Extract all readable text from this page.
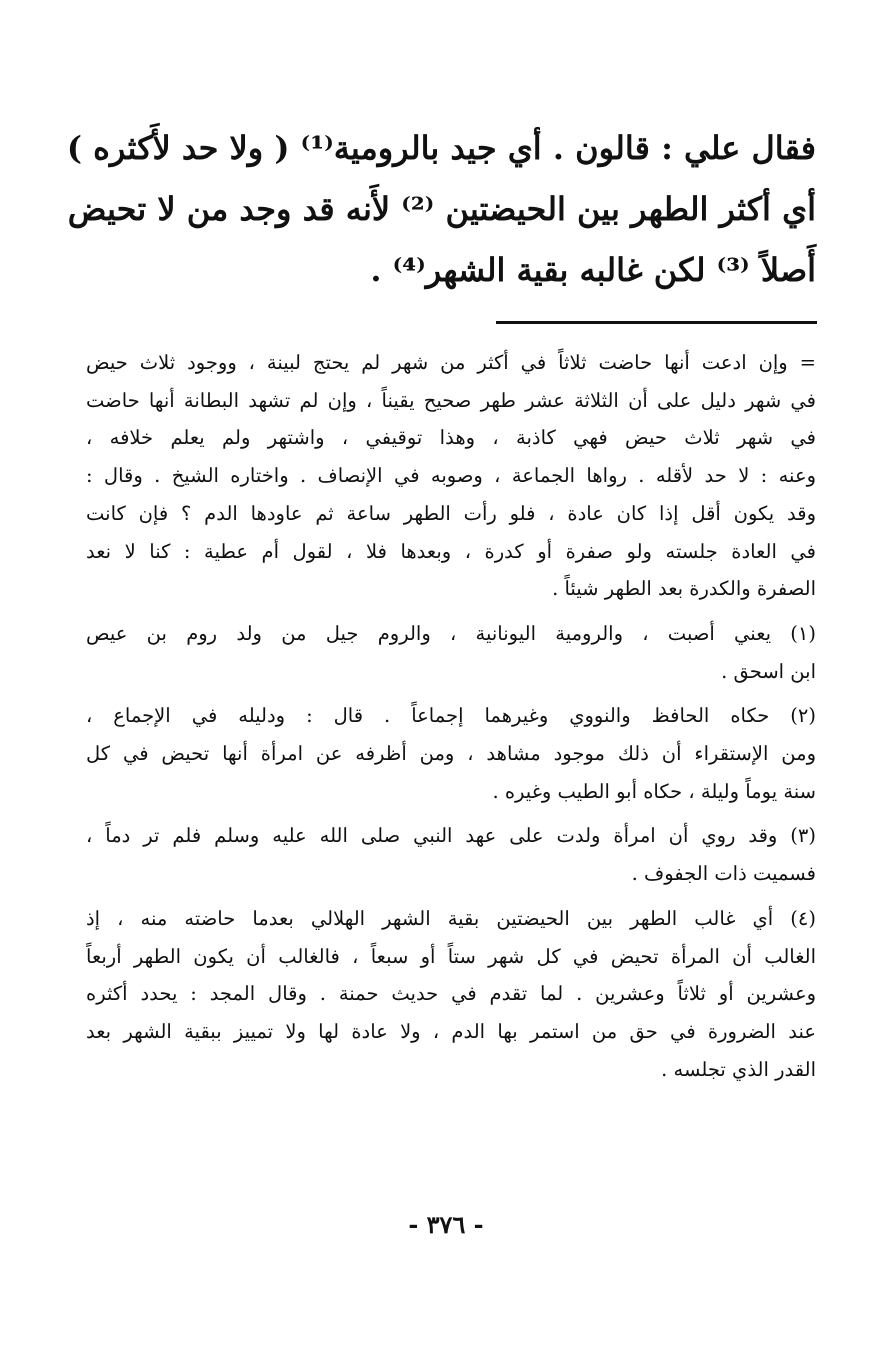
فقال علي : قالون . أي جيد بالرومية⁽¹⁾ ( ولا حد لأَكثره )
أي أكثر الطهر بين الحيضتين ⁽²⁾ لأَنه قد وجد من لا تحيض
أَصلاً ⁽³⁾ لكن غالبه بقية الشهر⁽⁴⁾ .
= وإن ادعت أنها حاضت ثلاثاً في أكثر من شهر لم يحتج لبينة ، ووجود ثلاث حيض
في شهر دليل على أن الثلاثة عشر طهر صحيح يقيناً ، وإن لم تشهد البطانة أنها حاضت
في شهر ثلاث حيض فهي كاذبة ، وهذا توقيفي ، واشتهر ولم يعلم خلافه ،
وعنه : لا حد لأقله . رواها الجماعة ، وصوبه في الإنصاف . واختاره الشيخ . وقال :
وقد يكون أقل إذا كان عادة ، فلو رأت الطهر ساعة ثم عاودها الدم ؟ فإن كانت
في العادة جلسته ولو صفرة أو كدرة ، وبعدها فلا ، لقول أم عطية : كنا لا نعد
الصفرة والكدرة بعد الطهر شيئاً .
(١) يعني أصبت ، والرومية اليونانية ، والروم جيل من ولد روم بن عيص
ابن اسحق .
(٢) حكاه الحافظ والنووي وغيرهما إجماعاً . قال : ودليله في الإجماع ،
ومن الإستقراء أن ذلك موجود مشاهد ، ومن أظرفه عن امرأة أنها تحيض في كل
سنة يوماً وليلة ، حكاه أبو الطيب وغيره .
(٣) وقد روي أن امرأة ولدت على عهد النبي صلى الله عليه وسلم فلم تر دماً ،
فسميت ذات الجفوف .
(٤) أي غالب الطهر بين الحيضتين بقية الشهر الهلالي بعدما حاضته منه ، إذ
الغالب أن المرأة تحيض في كل شهر ستاً أو سبعاً ، فالغالب أن يكون الطهر أربعاً
وعشرين أو ثلاثاً وعشرين . لما تقدم في حديث حمنة . وقال المجد : يحدد أكثره
عند الضرورة في حق من استمر بها الدم ، ولا عادة لها ولا تمييز ببقية الشهر بعد
القدر الذي تجلسه .
- ٣٧٦ -
